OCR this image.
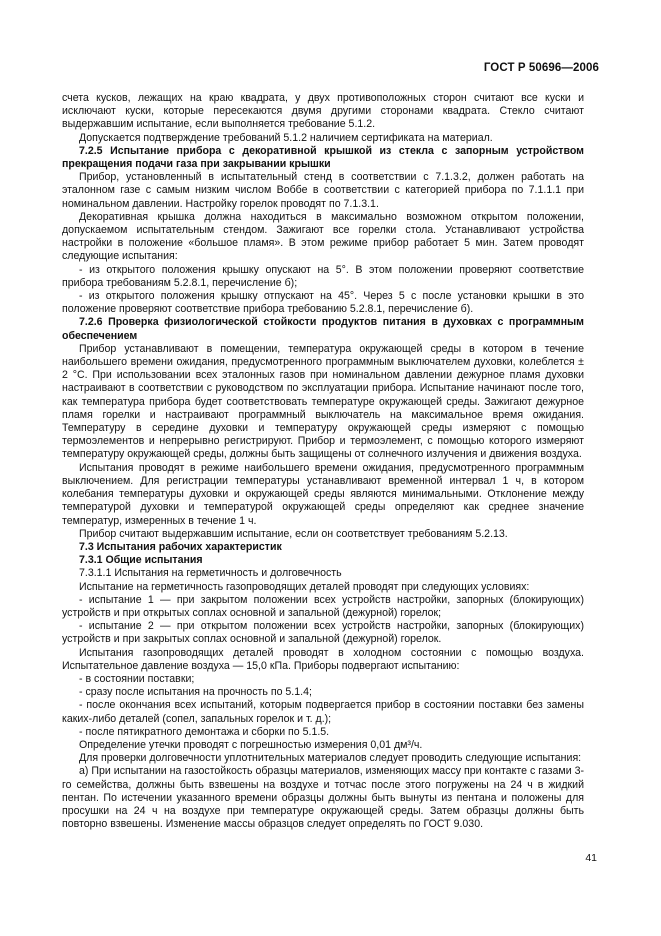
ГОСТ Р 50696—2006

счета кусков, лежащих на краю квадрата, у двух противоположных сторон считают все куски и исключают куски, которые пересекаются двумя другими сторонами квадрата. Стекло считают выдержавшим испытание, если выполняется требование 5.1.2.

Допускается подтверждение требований 5.1.2 наличием сертификата на материал.

7.2.5 Испытание прибора с декоративной крышкой из стекла с запорным устройством прекращения подачи газа при закрывании крышки

Прибор, установленный в испытательный стенд в соответствии с 7.1.3.2, должен работать на эталонном газе с самым низким числом Воббе в соответствии с категорией прибора по 7.1.1.1 при номинальном давлении. Настройку горелок проводят по 7.1.3.1.

Декоративная крышка должна находиться в максимально возможном открытом положении, допускаемом испытательным стендом. Зажигают все горелки стола. Устанавливают устройства настройки в положение «большое пламя». В этом режиме прибор работает 5 мин. Затем проводят следующие испытания:

- из открытого положения крышку опускают на 5°. В этом положении проверяют соответствие прибора требованиям 5.2.8.1, перечисление б);

- из открытого положения крышку отпускают на 45°. Через 5 с после установки крышки в это положение проверяют соответствие прибора требованию 5.2.8.1, перечисление б).

7.2.6 Проверка физиологической стойкости продуктов питания в духовках с программным обеспечением

Прибор устанавливают в помещении, температура окружающей среды в котором в течение наибольшего времени ожидания, предусмотренного программным выключателем духовки, колеблется ± 2 °С. При использовании всех эталонных газов при номинальном давлении дежурное пламя духовки настраивают в соответствии с руководством по эксплуатации прибора. Испытание начинают после того, как температура прибора будет соответствовать температуре окружающей среды. Зажигают дежурное пламя горелки и настраивают программный выключатель на максимальное время ожидания. Температуру в середине духовки и температуру окружающей среды измеряют с помощью термоэлементов и непрерывно регистрируют. Прибор и термоэлемент, с помощью которого измеряют температуру окружающей среды, должны быть защищены от солнечного излучения и движения воздуха.

Испытания проводят в режиме наибольшего времени ожидания, предусмотренного программным выключением. Для регистрации температуры устанавливают временной интервал 1 ч, в котором колебания температуры духовки и окружающей среды являются минимальными. Отклонение между температурой духовки и температурой окружающей среды определяют как среднее значение температур, измеренных в течение 1 ч.

Прибор считают выдержавшим испытание, если он соответствует требованиям 5.2.13.

7.3 Испытания рабочих характеристик

7.3.1 Общие испытания

7.3.1.1 Испытания на герметичность и долговечность

Испытание на герметичность газопроводящих деталей проводят при следующих условиях:

- испытание 1 — при закрытом положении всех устройств настройки, запорных (блокирующих) устройств и при открытых соплах основной и запальной (дежурной) горелок;

- испытание 2 — при открытом положении всех устройств настройки, запорных (блокирующих) устройств и при закрытых соплах основной и запальной (дежурной) горелок.

Испытания газопроводящих деталей проводят в холодном состоянии с помощью воздуха. Испытательное давление воздуха — 15,0 кПа. Приборы подвергают испытанию:

- в состоянии поставки;

- сразу после испытания на прочность по 5.1.4;

- после окончания всех испытаний, которым подвергается прибор в состоянии поставки без замены каких-либо деталей (сопел, запальных горелок и т. д.);

- после пятикратного демонтажа и сборки по 5.1.5.

Определение утечки проводят с погрешностью измерения 0,01 дм³/ч.

Для проверки долговечности уплотнительных материалов следует проводить следующие испытания:

а) При испытании на газостойкость образцы материалов, изменяющих массу при контакте с газами 3-го семейства, должны быть взвешены на воздухе и тотчас после этого погружены на 24 ч в жидкий пентан. По истечении указанного времени образцы должны быть вынуты из пентана и положены для просушки на 24 ч на воздухе при температуре окружающей среды. Затем образцы должны быть повторно взвешены. Изменение массы образцов следует определять по ГОСТ 9.030.

41
